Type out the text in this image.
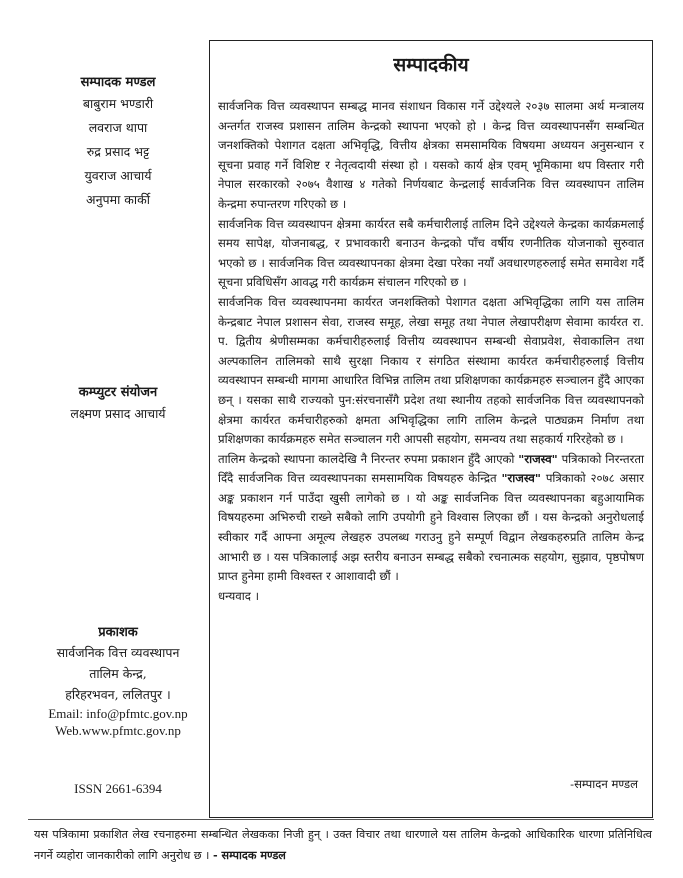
सम्पादक मण्डल
बाबुराम भण्डारी
लवराज थापा
रुद्र प्रसाद भट्ट
युवराज आचार्य
अनुपमा कार्की
कम्प्युटर संयोजन
लक्ष्मण प्रसाद आचार्य
प्रकाशक
सार्वजनिक वित्त व्यवस्थापन
तालिम केन्द्र,
हरिहरभवन, ललितपुर ।
Email: info@pfmtc.gov.np
Web.www.pfmtc.gov.np
ISSN 2661-6394
सम्पादकीय

सार्वजनिक वित्त व्यवस्थापन सम्बद्ध मानव संशाधन विकास गर्ने उद्देश्यले २०३७ सालमा अर्थ मन्त्रालय अन्तर्गत राजस्व प्रशासन तालिम केन्द्रको स्थापना भएको हो । केन्द्र वित्त व्यवस्थापनसँग सम्बन्धित जनशक्तिको पेशागत दक्षता अभिवृद्धि, वित्तीय क्षेत्रका समसामयिक विषयमा अध्ययन अनुसन्धान र सूचना प्रवाह गर्ने विशिष्ट र नेतृत्वदायी संस्था हो । यसको कार्य क्षेत्र एवम् भूमिकामा थप विस्तार गरी नेपाल सरकारको २०७५ वैशाख ४ गतेको निर्णयबाट केन्द्रलाई सार्वजनिक वित्त व्यवस्थापन तालिम केन्द्रमा रुपान्तरण गरिएको छ ।

सार्वजनिक वित्त व्यवस्थापन क्षेत्रमा कार्यरत सबै कर्मचारीलाई तालिम दिने उद्देश्यले केन्द्रका कार्यक्रमलाई समय सापेक्ष, योजनाबद्ध, र प्रभावकारी बनाउन केन्द्रको पाँच वर्षीय रणनीतिक योजनाको सुरुवात भएको छ । सार्वजनिक वित्त व्यवस्थापनका क्षेत्रमा देखा परेका नयाँ अवधारणहरुलाई समेत समावेश गर्दै सूचना प्रविधिसँग आवद्ध गरी कार्यक्रम संचालन गरिएको छ ।

सार्वजनिक वित्त व्यवस्थापनमा कार्यरत जनशक्तिको पेशागत दक्षता अभिवृद्धिका लागि यस तालिम केन्द्रबाट नेपाल प्रशासन सेवा, राजस्व समूह, लेखा समूह तथा नेपाल लेखापरीक्षण सेवामा कार्यरत रा. प. द्वितीय श्रेणीसम्मका कर्मचारीहरुलाई वित्तीय व्यवस्थापन सम्बन्धी सेवाप्रवेश, सेवाकालिन तथा अल्पकालिन तालिमको साथै सुरक्षा निकाय र संगठित संस्थामा कार्यरत कर्मचारीहरुलाई वित्तीय व्यवस्थापन सम्बन्धी मागमा आधारित विभिन्न तालिम तथा प्रशिक्षणका कार्यक्रमहरु सञ्चालन हुँदै आएका छन् । यसका साथै राज्यको पुन:संरचनासँगै प्रदेश तथा स्थानीय तहको सार्वजनिक वित्त व्यवस्थापनको क्षेत्रमा कार्यरत कर्मचारीहरुको क्षमता अभिवृद्धिका लागि तालिम केन्द्रले पाठ्यक्रम निर्माण तथा प्रशिक्षणका कार्यक्रमहरु समेत सञ्चालन गरी आपसी सहयोग, समन्वय तथा सहकार्य गरिरहेको छ ।

तालिम केन्द्रको स्थापना कालदेखि नै निरन्तर रुपमा प्रकाशन हुँदै आएको "राजस्व" पत्रिकाको निरन्तरता दिँदै सार्वजनिक वित्त व्यवस्थापनका समसामयिक विषयहरु केन्द्रित "राजस्व" पत्रिकाको २०७८ असार अङ्क प्रकाशन गर्न पाउँदा खुसी लागेको छ । यो अङ्क सार्वजनिक वित्त व्यवस्थापनका बहुआयामिक विषयहरुमा अभिरुची राख्ने सबैको लागि उपयोगी हुने विश्वास लिएका छौं । यस केन्द्रको अनुरोधलाई स्वीकार गर्दै आफ्ना अमूल्य लेखहरु उपलब्ध गराउनु हुने सम्पूर्ण विद्वान लेखकहरुप्रति तालिम केन्द्र आभारी छ । यस पत्रिकालाई अझ स्तरीय बनाउन सम्बद्ध सबैको रचनात्मक सहयोग, सुझाव, पृष्ठपोषण प्राप्त हुनेमा हामी विश्वस्त र आशावादी छौं ।

धन्यवाद ।

-सम्पादन मण्डल
यस पत्रिकामा प्रकाशित लेख रचनाहरुमा सम्बन्धित लेखकका निजी हुन् । उक्त विचार तथा धारणाले यस तालिम केन्द्रको आधिकारिक धारणा प्रतिनिधित्व नगर्ने व्यहोरा जानकारीको लागि अनुरोध छ । - सम्पादक मण्डल
